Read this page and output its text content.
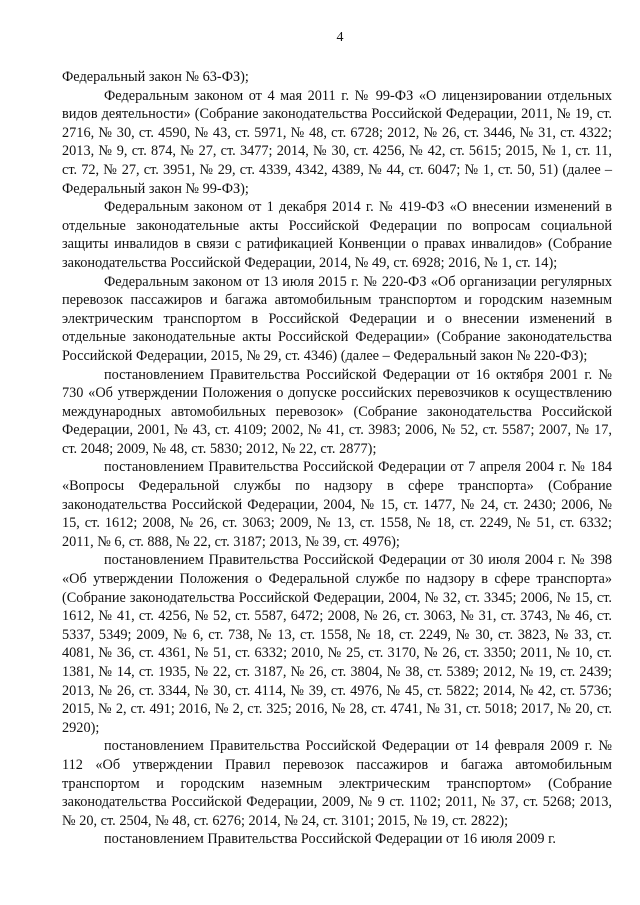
4

Федеральный закон № 63-ФЗ);

Федеральным законом от 4 мая 2011 г. № 99-ФЗ «О лицензировании отдельных видов деятельности» (Собрание законодательства Российской Федерации, 2011, № 19, ст. 2716, № 30, ст. 4590, № 43, ст. 5971, № 48, ст. 6728; 2012, № 26, ст. 3446, № 31, ст. 4322; 2013, № 9, ст. 874, № 27, ст. 3477; 2014, № 30, ст. 4256, № 42, ст. 5615; 2015, № 1, ст. 11, ст. 72, № 27, ст. 3951, № 29, ст. 4339, 4342, 4389, № 44, ст. 6047; № 1, ст. 50, 51) (далее – Федеральный закон № 99-ФЗ);

Федеральным законом от 1 декабря 2014 г. № 419-ФЗ «О внесении изменений в отдельные законодательные акты Российской Федерации по вопросам социальной защиты инвалидов в связи с ратификацией Конвенции о правах инвалидов» (Собрание законодательства Российской Федерации, 2014, № 49, ст. 6928; 2016, № 1, ст. 14);

Федеральным законом от 13 июля 2015 г. № 220-ФЗ «Об организации регулярных перевозок пассажиров и багажа автомобильным транспортом и городским наземным электрическим транспортом в Российской Федерации и о внесении изменений в отдельные законодательные акты Российской Федерации» (Собрание законодательства Российской Федерации, 2015, № 29, ст. 4346) (далее – Федеральный закон № 220-ФЗ);

постановлением Правительства Российской Федерации от 16 октября 2001 г. № 730 «Об утверждении Положения о допуске российских перевозчиков к осуществлению международных автомобильных перевозок» (Собрание законодательства Российской Федерации, 2001, № 43, ст. 4109; 2002, № 41, ст. 3983; 2006, № 52, ст. 5587; 2007, № 17, ст. 2048; 2009, № 48, ст. 5830; 2012, № 22, ст. 2877);

постановлением Правительства Российской Федерации от 7 апреля 2004 г. № 184 «Вопросы Федеральной службы по надзору в сфере транспорта» (Собрание законодательства Российской Федерации, 2004, № 15, ст. 1477, № 24, ст. 2430; 2006, № 15, ст. 1612; 2008, № 26, ст. 3063; 2009, № 13, ст. 1558, № 18, ст. 2249, № 51, ст. 6332; 2011, № 6, ст. 888, № 22, ст. 3187; 2013, № 39, ст. 4976);

постановлением Правительства Российской Федерации от 30 июля 2004 г. № 398 «Об утверждении Положения о Федеральной службе по надзору в сфере транспорта» (Собрание законодательства Российской Федерации, 2004, № 32, ст. 3345; 2006, № 15, ст. 1612, № 41, ст. 4256, № 52, ст. 5587, 6472; 2008, № 26, ст. 3063, № 31, ст. 3743, № 46, ст. 5337, 5349; 2009, № 6, ст. 738, № 13, ст. 1558, № 18, ст. 2249, № 30, ст. 3823, № 33, ст. 4081, № 36, ст. 4361, № 51, ст. 6332; 2010, № 25, ст. 3170, № 26, ст. 3350; 2011, № 10, ст. 1381, № 14, ст. 1935, № 22, ст. 3187, № 26, ст. 3804, № 38, ст. 5389; 2012, № 19, ст. 2439; 2013, № 26, ст. 3344, № 30, ст. 4114, № 39, ст. 4976, № 45, ст. 5822; 2014, № 42, ст. 5736; 2015, № 2, ст. 491; 2016, № 2, ст. 325; 2016, № 28, ст. 4741, № 31, ст. 5018; 2017, № 20, ст. 2920);

постановлением Правительства Российской Федерации от 14 февраля 2009 г. № 112 «Об утверждении Правил перевозок пассажиров и багажа автомобильным транспортом и городским наземным электрическим транспортом» (Собрание законодательства Российской Федерации, 2009, № 9 ст. 1102; 2011, № 37, ст. 5268; 2013, № 20, ст. 2504, № 48, ст. 6276; 2014, № 24, ст. 3101; 2015, № 19, ст. 2822);

постановлением Правительства Российской Федерации от 16 июля 2009 г.
